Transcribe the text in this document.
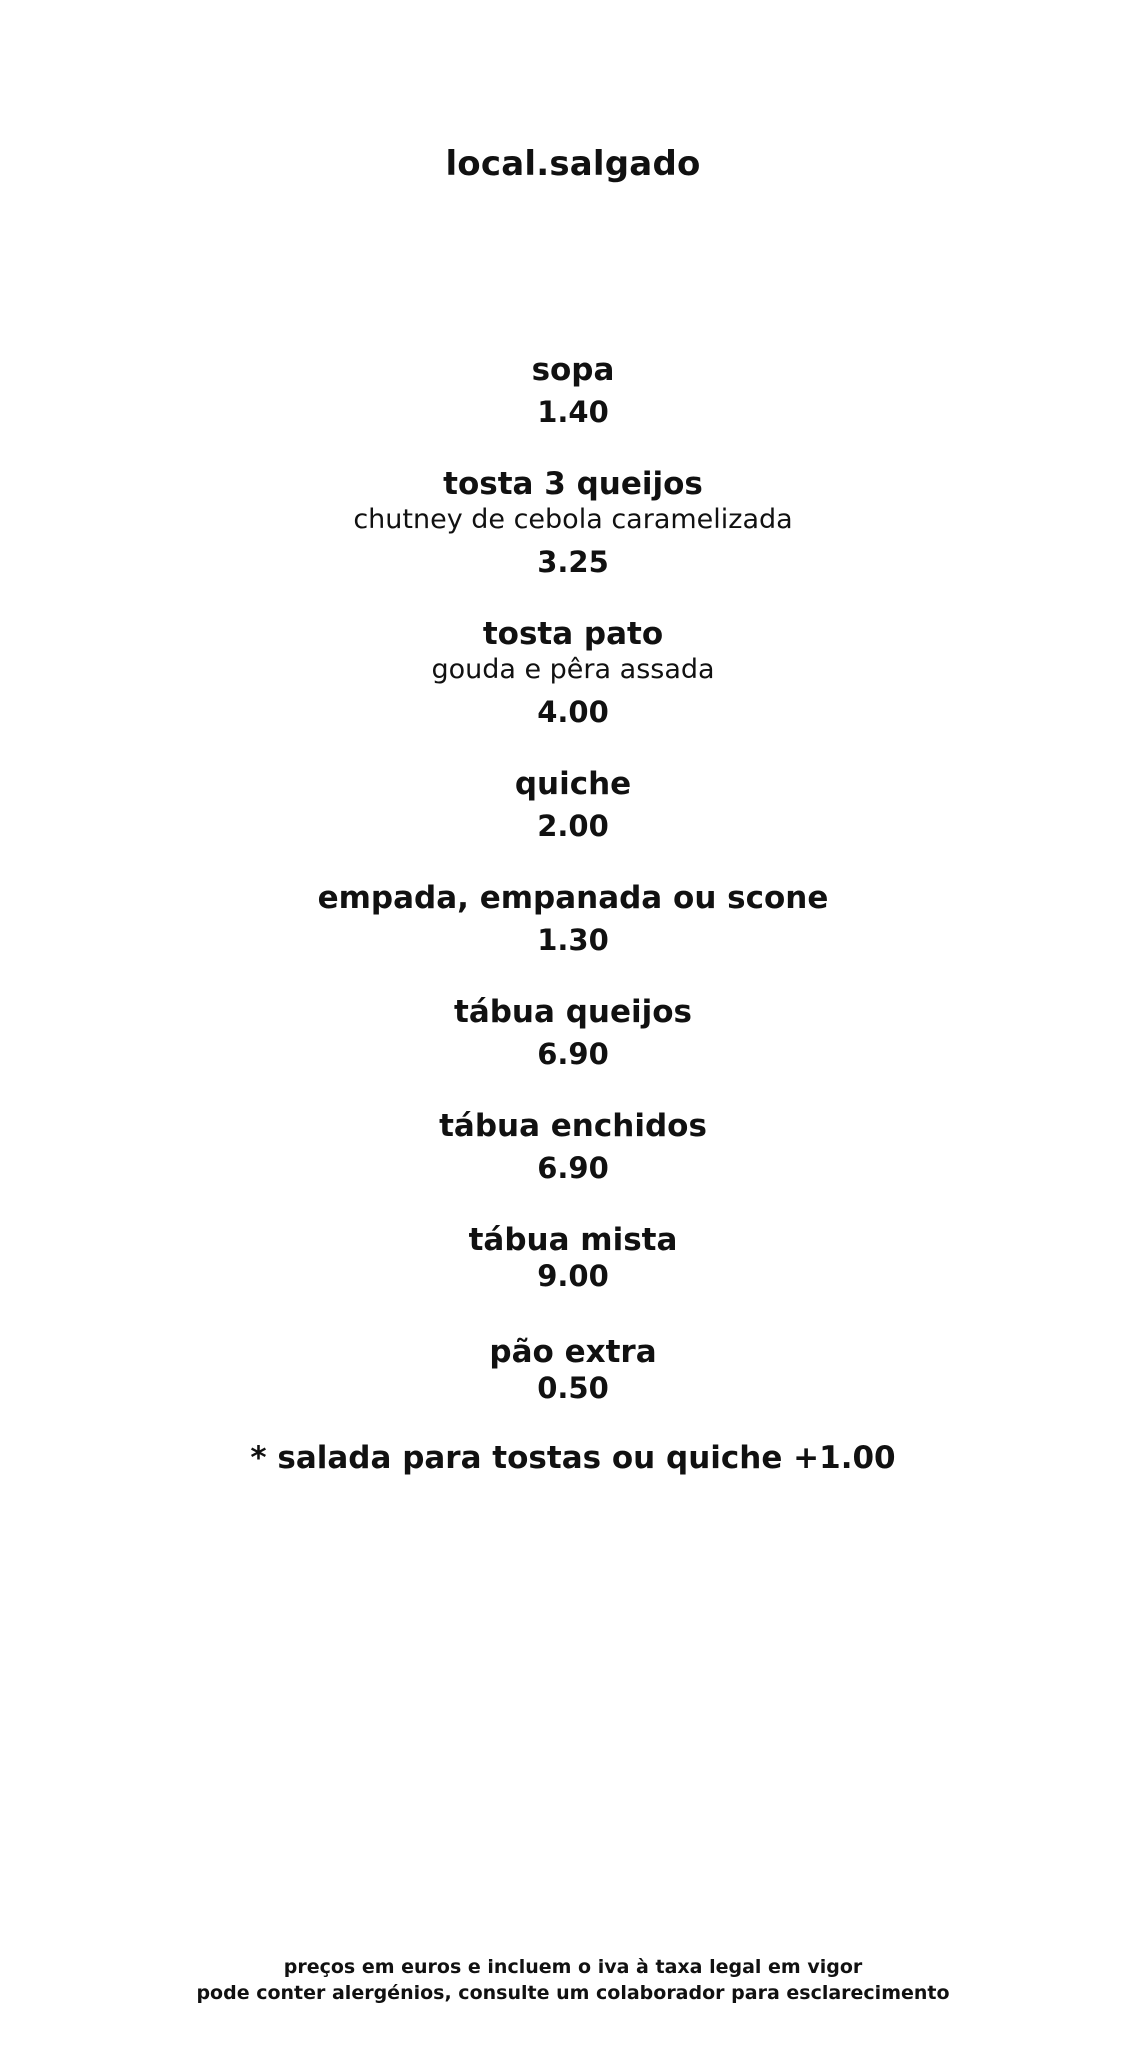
local.salgado
sopa
1.40
tosta 3 queijos
chutney de cebola caramelizada
3.25
tosta pato
gouda e pêra assada
4.00
quiche
2.00
empada, empanada ou scone
1.30
tábua queijos
6.90
tábua enchidos
6.90
tábua mista
9.00
pão extra
0.50
* salada para tostas ou quiche +1.00
preços em euros e incluem o iva à taxa legal em vigor
pode conter alergénios, consulte um colaborador para esclarecimento
